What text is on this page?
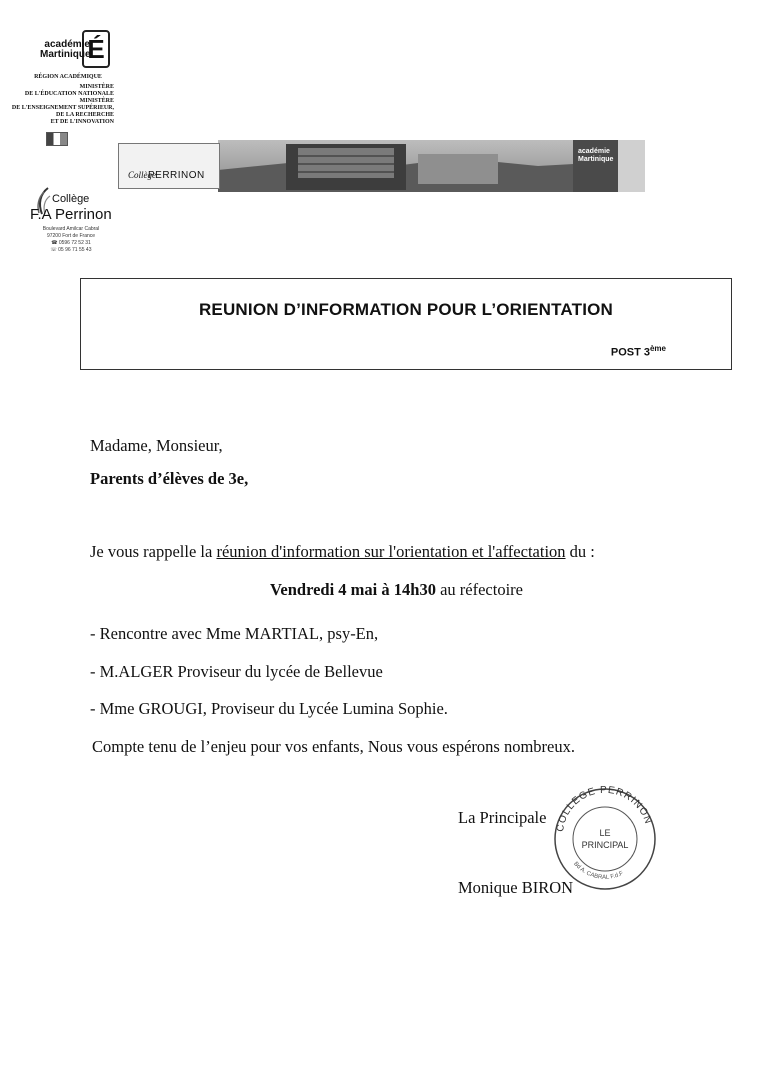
É
académie
Martinique
RÉGION ACADÉMIQUE
MINISTÈRE
DE L'ÉDUCATION NATIONALE
MINISTÈRE
DE L'ENSEIGNEMENT SUPÉRIEUR,
DE LA RECHERCHE
ET DE L'INNOVATION
Collège
F.A Perrinon
Boulevard Amilcar Cabral
97200 Fort de France
☎ 0596 72 52 31
☏ 05 96 71 55 43
Collège
PERRINON
académie
Martinique
REUNION D’INFORMATION POUR L’ORIENTATION
POST 3ème
Madame, Monsieur,
Parents d’élèves de 3e,
Je vous rappelle la réunion d'information sur l'orientation et l'affectation du :
Vendredi 4 mai à 14h30 au réfectoire
- Rencontre avec Mme MARTIAL, psy-En,
- M.ALGER Proviseur du lycée de Bellevue
- Mme GROUGI, Proviseur du Lycée Lumina Sophie.
Compte tenu de l’enjeu pour vos enfants, Nous vous espérons nombreux.
La Principale
Monique BIRON
COLLEGE PERRINON
Bd A. CABRAL F.d.F
LE
PRINCIPAL
